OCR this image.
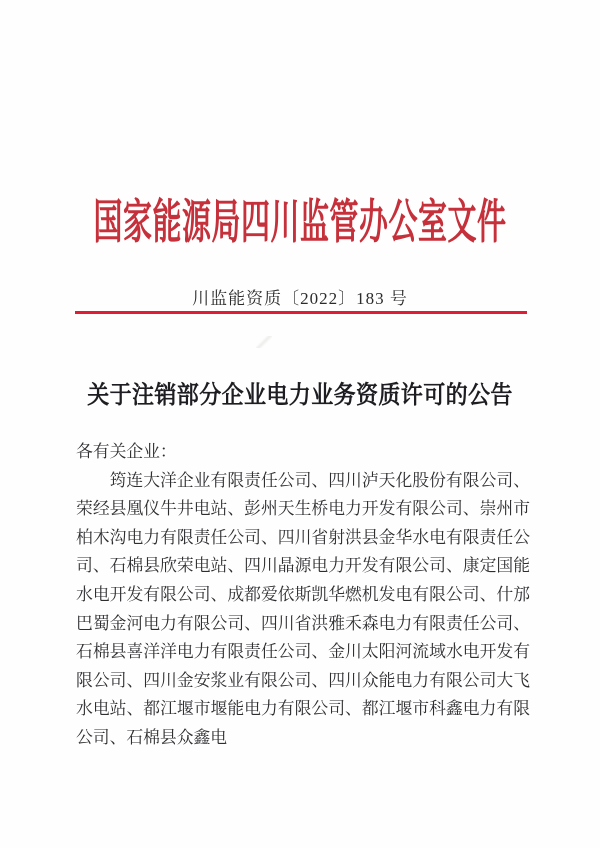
国家能源局四川监管办公室文件
川监能资质〔2022〕183 号
关于注销部分企业电力业务资质许可的公告
各有关企业：
筠连大洋企业有限责任公司、四川泸天化股份有限公司、荣经县凰仪牛井电站、彭州天生桥电力开发有限公司、崇州市柏木沟电力有限责任公司、四川省射洪县金华水电有限责任公司、石棉县欣荣电站、四川晶源电力开发有限公司、康定国能水电开发有限公司、成都爱依斯凯华燃机发电有限公司、什邡巴蜀金河电力有限公司、四川省洪雅禾森电力有限责任公司、石棉县喜洋洋电力有限责任公司、金川太阳河流域水电开发有限公司、四川金安浆业有限公司、四川众能电力有限公司大飞水电站、都江堰市堰能电力有限公司、都江堰市科鑫电力有限公司、石棉县众鑫电
